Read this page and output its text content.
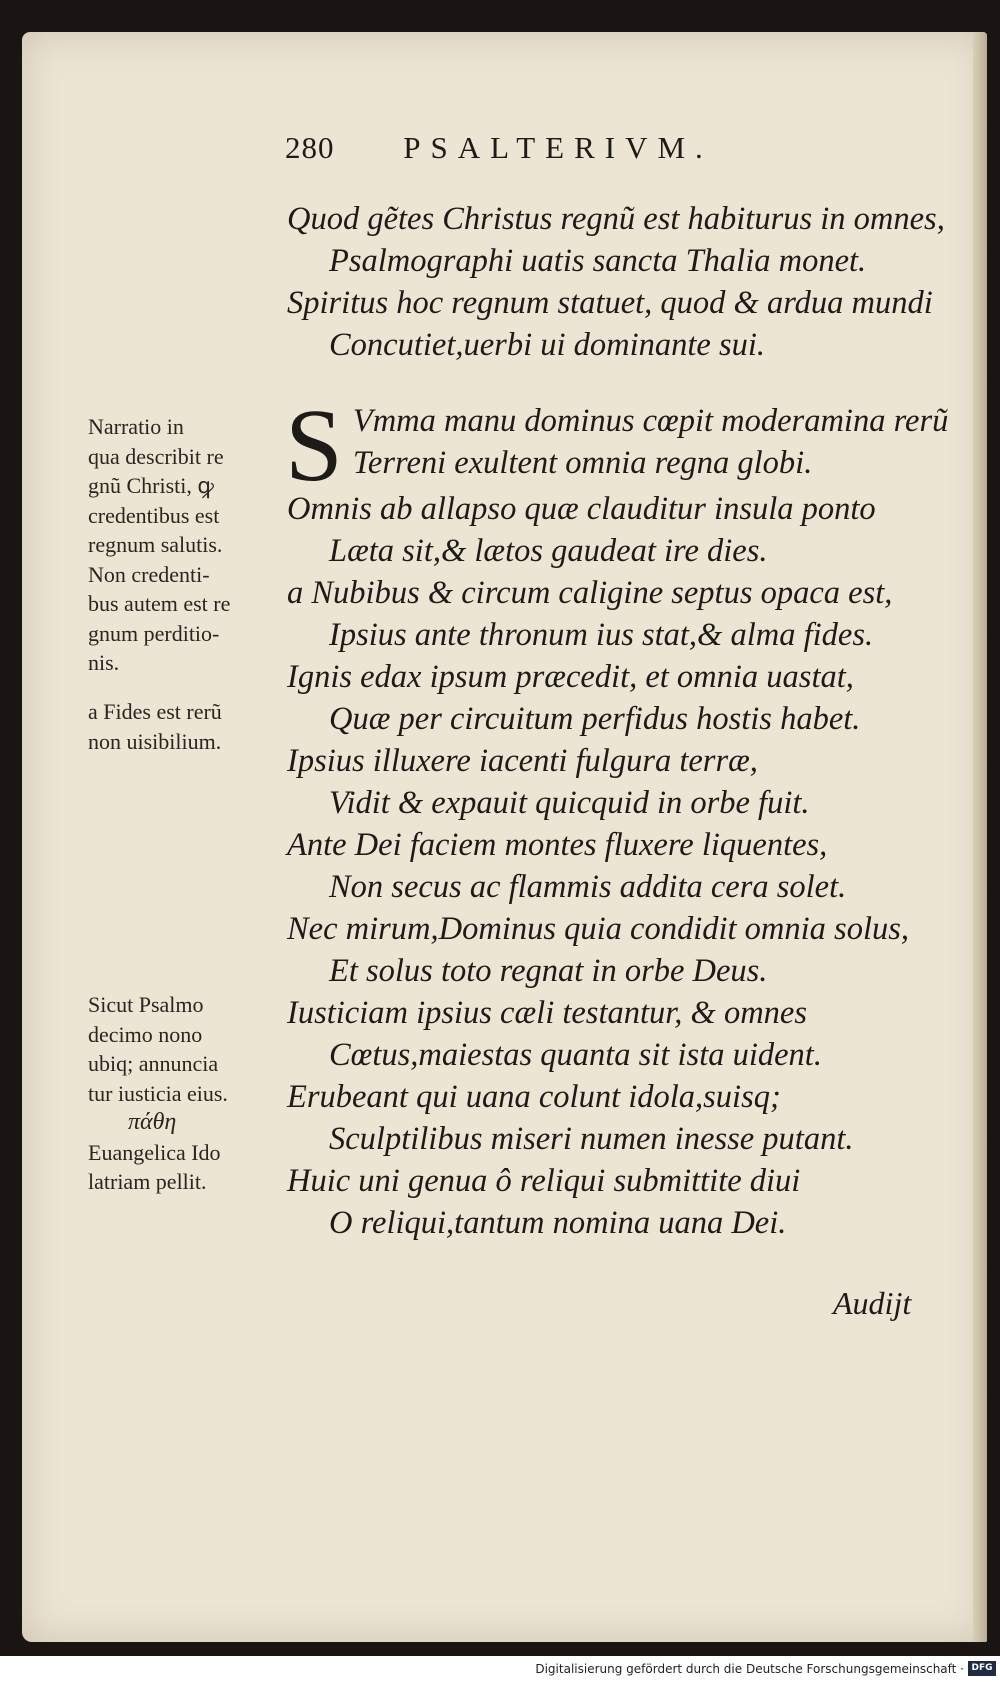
280 PSALTERIVM.
Quod gẽtes Christus regnũ est habiturus in omnes,
Psalmographi uatis sancta Thalia monet.
Spiritus hoc regnum statuet, quod & ardua mundi
Concutiet,uerbi ui dominante sui.
S Vmma manu dominus cœpit moderamina rerũ
Terreni exultent omnia regna globi.
Omnis ab allapso quæ clauditur insula ponto
Læta sit,& lætos gaudeat ire dies.
a Nubibus & circum caligine septus opaca est,
Ipsius ante thronum ius stat,& alma fides.
Ignis edax ipsum præcedit, et omnia uastat,
Quæ per circuitum perfidus hostis habet.
Ipsius illuxere iacenti fulgura terræ,
Vidit & expauit quicquid in orbe fuit.
Ante Dei faciem montes fluxere liquentes,
Non secus ac flammis addita cera solet.
Nec mirum,Dominus quia condidit omnia solus,
Et solus toto regnat in orbe Deus.
Iusticiam ipsius cæli testantur, & omnes
Cœtus,maiestas quanta sit ista uident.
Erubeant qui uana colunt idola,suisq;
Sculptilibus miseri numen inesse putant.
Huic uni genua ô reliqui submittite diui
O reliqui,tantum nomina uana Dei.
Audijt
Narratio in
qua describit re
gnũ Christi, ꝙ
credentibus est
regnum salutis.
Non credenti-
bus autem est re
gnum perditio-
nis.
a Fides est rerũ
non uisibilium.
Sicut Psalmo
decimo nono
ubiq; annuncia
tur iusticia eius.
πάθη
Euangelica Ido
latriam pellit.
Digitalisierung gefördert durch die Deutsche Forschungsgemeinschaft · DFG
